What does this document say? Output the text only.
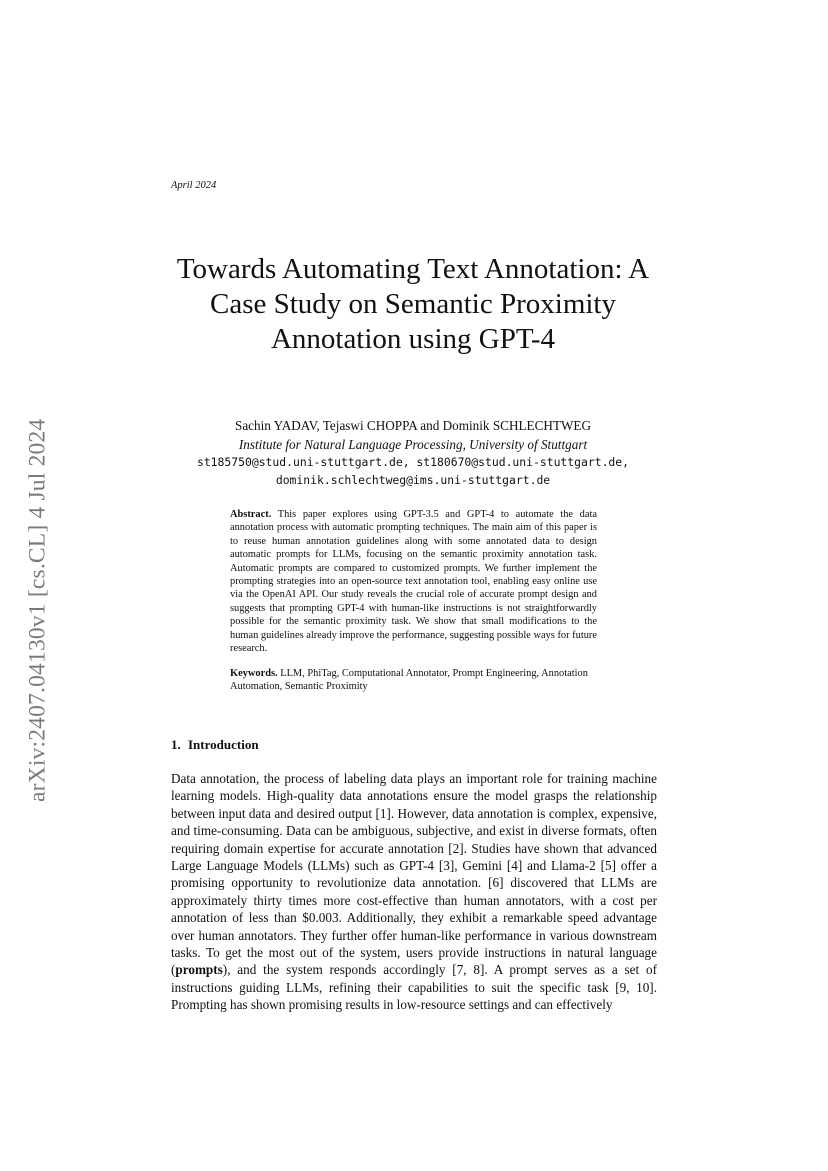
arXiv:2407.04130v1 [cs.CL] 4 Jul 2024
April 2024
Towards Automating Text Annotation: A Case Study on Semantic Proximity Annotation using GPT-4
Sachin YADAV, Tejaswi CHOPPA and Dominik SCHLECHTWEG
Institute for Natural Language Processing, University of Stuttgart
st185750@stud.uni-stuttgart.de, st180670@stud.uni-stuttgart.de,
dominik.schlechtweg@ims.uni-stuttgart.de

Abstract. This paper explores using GPT-3.5 and GPT-4 to automate the data annotation process with automatic prompting techniques. The main aim of this paper is to reuse human annotation guidelines along with some annotated data to design automatic prompts for LLMs, focusing on the semantic proximity annotation task. Automatic prompts are compared to customized prompts. We further implement the prompting strategies into an open-source text annotation tool, enabling easy online use via the OpenAI API. Our study reveals the crucial role of accurate prompt design and suggests that prompting GPT-4 with human-like instructions is not straightforwardly possible for the semantic proximity task. We show that small modifications to the human guidelines already improve the performance, suggesting possible ways for future research.

Keywords. LLM, PhiTag, Computational Annotator, Prompt Engineering, Annotation Automation, Semantic Proximity

1. Introduction

Data annotation, the process of labeling data plays an important role for training machine learning models. High-quality data annotations ensure the model grasps the relationship between input data and desired output [1]. However, data annotation is complex, expensive, and time-consuming. Data can be ambiguous, subjective, and exist in diverse formats, often requiring domain expertise for accurate annotation [2]. Studies have shown that advanced Large Language Models (LLMs) such as GPT-4 [3], Gemini [4] and Llama-2 [5] offer a promising opportunity to revolutionize data annotation. [6] discovered that LLMs are approximately thirty times more cost-effective than human annotators, with a cost per annotation of less than $0.003. Additionally, they exhibit a remarkable speed advantage over human annotators. They further offer human-like performance in various downstream tasks. To get the most out of the system, users provide instructions in natural language (prompts), and the system responds accordingly [7, 8]. A prompt serves as a set of instructions guiding LLMs, refining their capabilities to suit the specific task [9, 10]. Prompting has shown promising results in low-resource settings and can effectively
